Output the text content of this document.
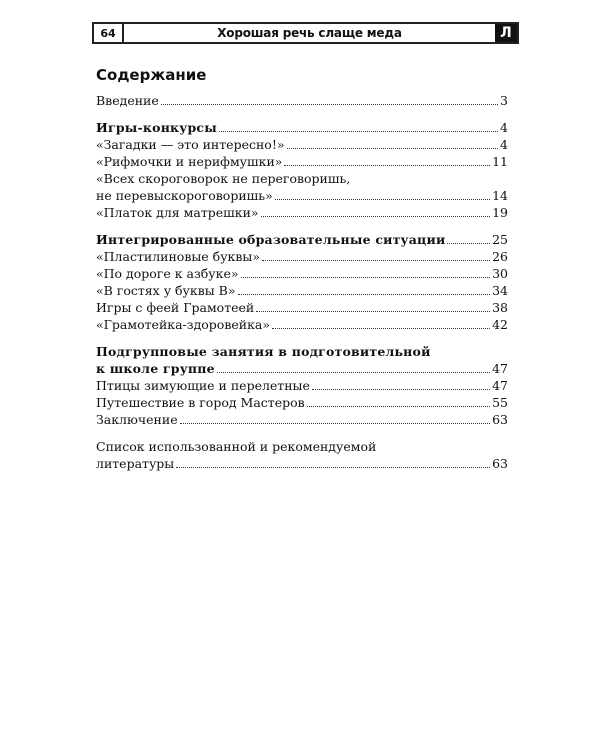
64	Хорошая речь слаще меда	Л
Содержание
Введение	3
Игры-конкурсы	4
«Загадки — это интересно!»	4
«Рифмочки и нерифмушки»	11
«Всех скороговорок не переговоришь,
не перевыскороговоришь»	14
«Платок для матрешки»	19
Интегрированные образовательные ситуации	25
«Пластилиновые буквы»	26
«По дороге к азбуке»	30
«В гостях у буквы В»	34
Игры с феей Грамотеей	38
«Грамотейка-здоровейка»	42
Подгрупповые занятия в подготовительной
к школе группе	47
Птицы зимующие и перелетные	47
Путешествие в город Мастеров	55
Заключение	63
Список использованной и рекомендуемой
литературы	63
